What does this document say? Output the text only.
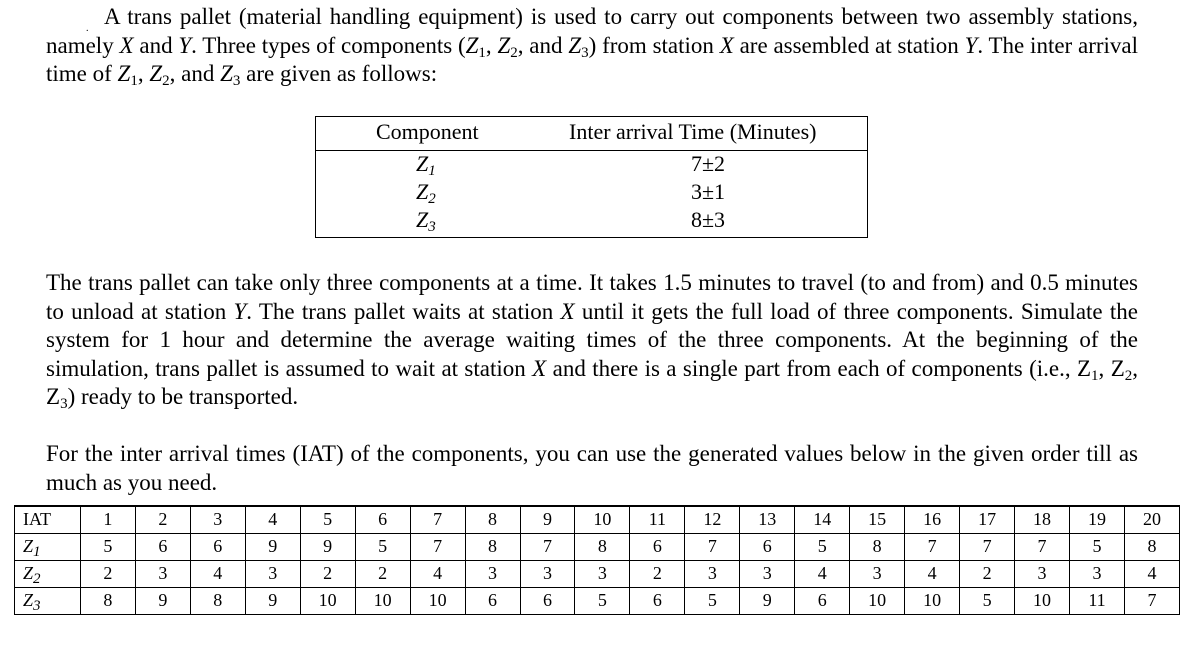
. A trans pallet (material handling equipment) is used to carry out components between two assembly stations, namely X and Y. Three types of components ($Z_1$, $Z_2$, and $Z_3$) from station X are assembled at station Y. The inter arrival time of $Z_1$, $Z_2$, and $Z_3$ are given as follows:

Component	Inter arrival Time (Minutes)
$Z_1$	7±2
$Z_2$	3±1
$Z_3$	8±3

The trans pallet can take only three components at a time. It takes 1.5 minutes to travel (to and from) and 0.5 minutes to unload at station Y. The trans pallet waits at station X until it gets the full load of three components. Simulate the system for 1 hour and determine the average waiting times of the three components. At the beginning of the simulation, trans pallet is assumed to wait at station X and there is a single part from each of components (i.e., $Z_1$, $Z_2$, $Z_3$) ready to be transported.

For the inter arrival times (IAT) of the components, you can use the generated values below in the given order till as much as you need.

IAT	1	2	3	4	5	6	7	8	9	10	11	12	13	14	15	16	17	18	19	20
$Z_1$	5	6	6	9	9	5	7	8	7	8	6	7	6	5	8	7	7	7	5	8
$Z_2$	2	3	4	3	2	2	4	3	3	3	2	3	3	4	3	4	2	3	3	4
$Z_3$	8	9	8	9	10	10	10	6	6	5	6	5	9	6	10	10	5	10	11	7
